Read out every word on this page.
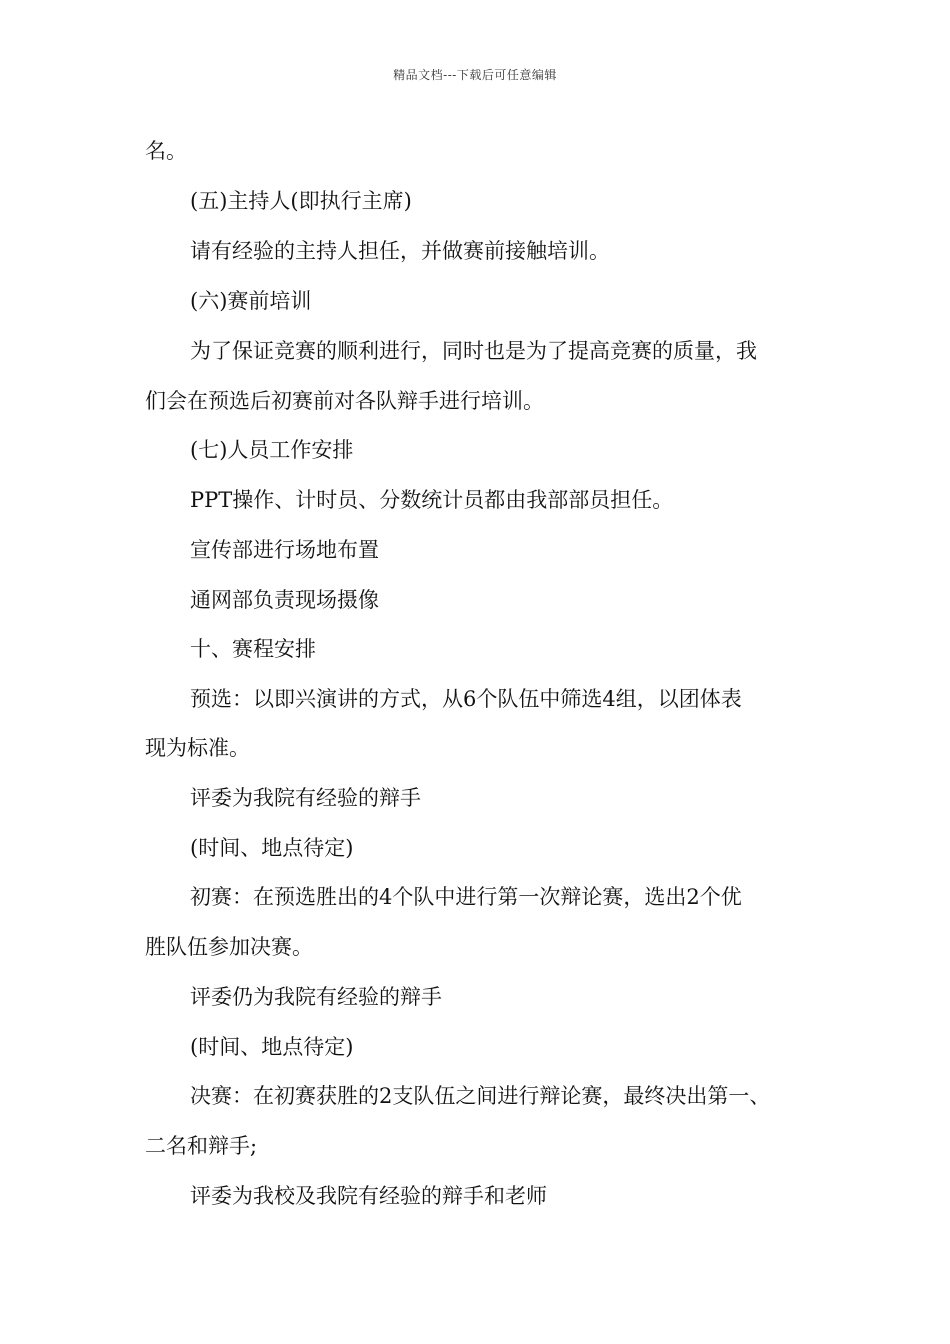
精品文档---下载后可任意编辑
名。
(五)主持人(即执行主席)
请有经验的主持人担任，并做赛前接触培训。
(六)赛前培训
为了保证竞赛的顺利进行，同时也是为了提高竞赛的质量，我
们会在预选后初赛前对各队辩手进行培训。
(七)人员工作安排
PPT操作、计时员、分数统计员都由我部部员担任。
宣传部进行场地布置
通网部负责现场摄像
十、赛程安排
预选：以即兴演讲的方式，从6个队伍中筛选4组，以团体表
现为标准。
评委为我院有经验的辩手
(时间、地点待定)
初赛：在预选胜出的4个队中进行第一次辩论赛，选出2个优
胜队伍参加决赛。
评委仍为我院有经验的辩手
(时间、地点待定)
决赛：在初赛获胜的2支队伍之间进行辩论赛，最终决出第一、
二名和辩手;
评委为我校及我院有经验的辩手和老师
